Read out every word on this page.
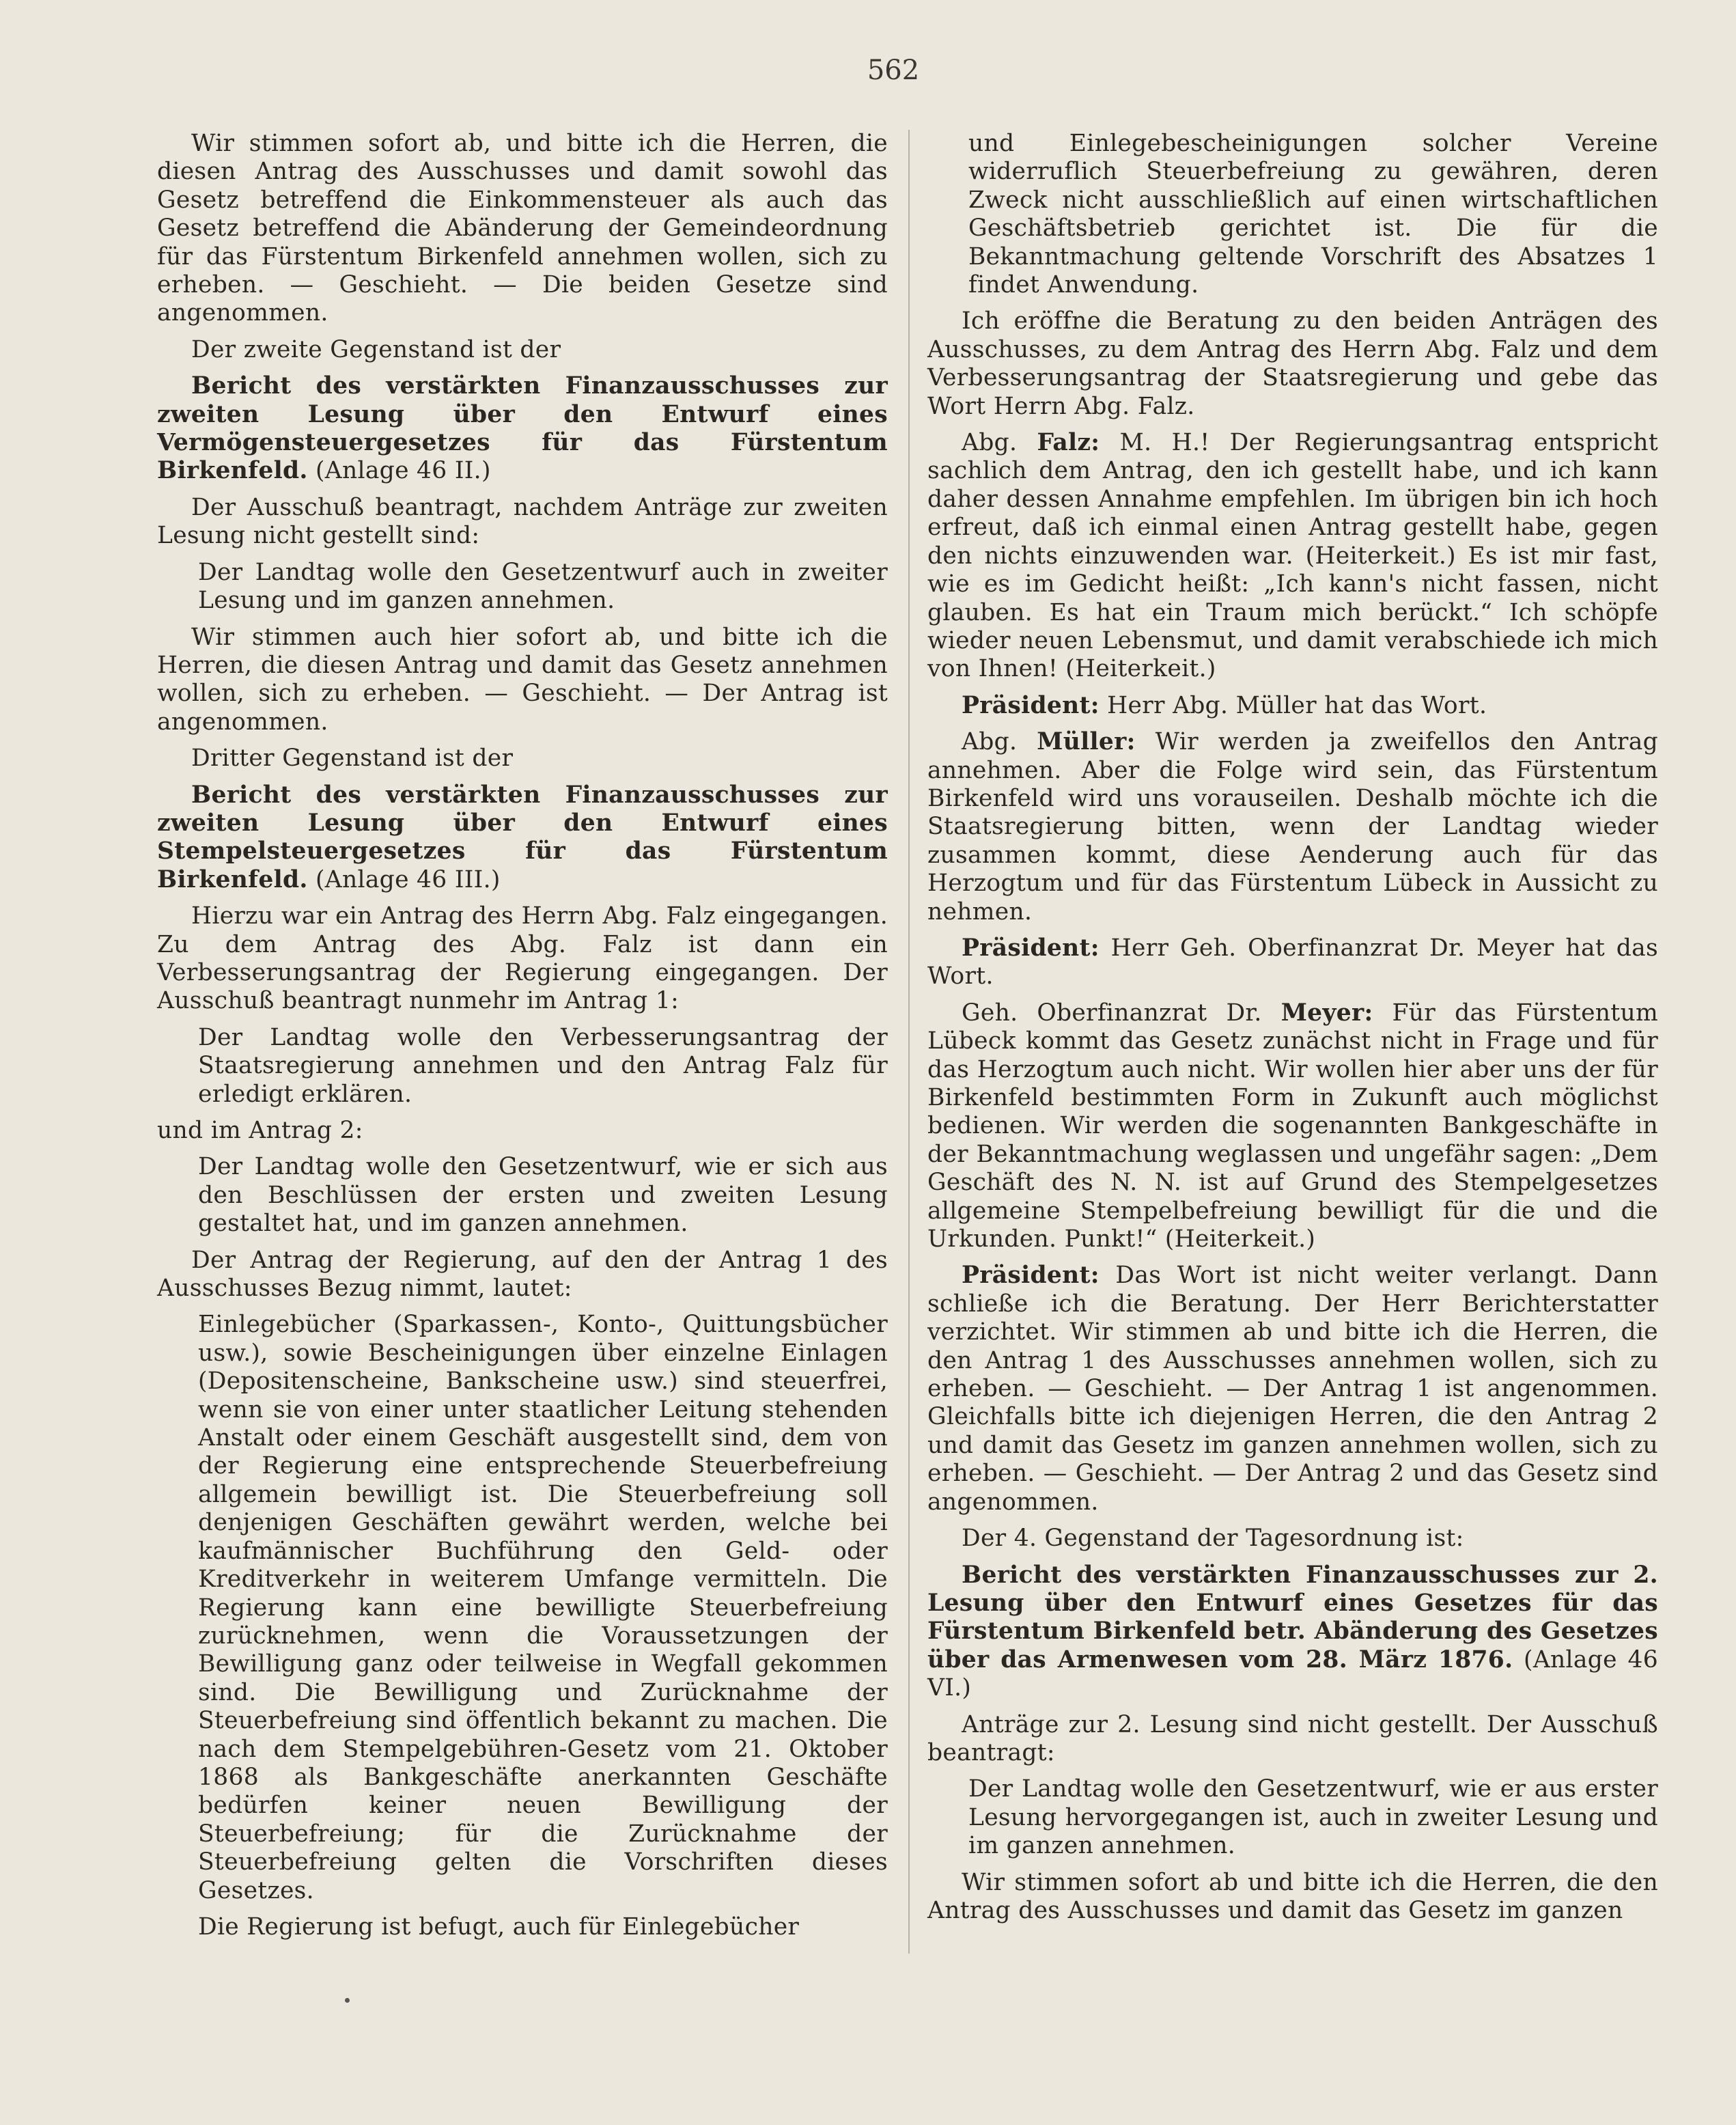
562

Wir stimmen sofort ab, und bitte ich die Herren, die diesen Antrag des Ausschusses und damit sowohl das Gesetz betreffend die Einkommensteuer als auch das Gesetz betreffend die Abänderung der Gemeindeordnung für das Fürstentum Birkenfeld annehmen wollen, sich zu erheben. — Geschieht. — Die beiden Gesetze sind angenommen.

Der zweite Gegenstand ist der

Bericht des verstärkten Finanzausschusses zur zweiten Lesung über den Entwurf eines Vermögensteuergesetzes für das Fürstentum Birkenfeld. (Anlage 46 II.)

Der Ausschuß beantragt, nachdem Anträge zur zweiten Lesung nicht gestellt sind:

Der Landtag wolle den Gesetzentwurf auch in zweiter Lesung und im ganzen annehmen.

Wir stimmen auch hier sofort ab, und bitte ich die Herren, die diesen Antrag und damit das Gesetz annehmen wollen, sich zu erheben. — Geschieht. — Der Antrag ist angenommen.

Dritter Gegenstand ist der

Bericht des verstärkten Finanzausschusses zur zweiten Lesung über den Entwurf eines Stempelsteuergesetzes für das Fürstentum Birkenfeld. (Anlage 46 III.)

Hierzu war ein Antrag des Herrn Abg. Falz eingegangen. Zu dem Antrag des Abg. Falz ist dann ein Verbesserungsantrag der Regierung eingegangen. Der Ausschuß beantragt nunmehr im Antrag 1:

Der Landtag wolle den Verbesserungsantrag der Staatsregierung annehmen und den Antrag Falz für erledigt erklären.

und im Antrag 2:

Der Landtag wolle den Gesetzentwurf, wie er sich aus den Beschlüssen der ersten und zweiten Lesung gestaltet hat, und im ganzen annehmen.

Der Antrag der Regierung, auf den der Antrag 1 des Ausschusses Bezug nimmt, lautet:

Einlegebücher (Sparkassen-, Konto-, Quittungsbücher usw.), sowie Bescheinigungen über einzelne Einlagen (Depositenscheine, Bankscheine usw.) sind steuerfrei, wenn sie von einer unter staatlicher Leitung stehenden Anstalt oder einem Geschäft ausgestellt sind, dem von der Regierung eine entsprechende Steuerbefreiung allgemein bewilligt ist. Die Steuerbefreiung soll denjenigen Geschäften gewährt werden, welche bei kaufmännischer Buchführung den Geld- oder Kreditverkehr in weiterem Umfange vermitteln. Die Regierung kann eine bewilligte Steuerbefreiung zurücknehmen, wenn die Voraussetzungen der Bewilligung ganz oder teilweise in Wegfall gekommen sind. Die Bewilligung und Zurücknahme der Steuerbefreiung sind öffentlich bekannt zu machen. Die nach dem Stempelgebühren-Gesetz vom 21. Oktober 1868 als Bankgeschäfte anerkannten Geschäfte bedürfen keiner neuen Bewilligung der Steuerbefreiung; für die Zurücknahme der Steuerbefreiung gelten die Vorschriften dieses Gesetzes.

Die Regierung ist befugt, auch für Einlegebücher

und Einlegebescheinigungen solcher Vereine widerruflich Steuerbefreiung zu gewähren, deren Zweck nicht ausschließlich auf einen wirtschaftlichen Geschäftsbetrieb gerichtet ist. Die für die Bekanntmachung geltende Vorschrift des Absatzes 1 findet Anwendung.

Ich eröffne die Beratung zu den beiden Anträgen des Ausschusses, zu dem Antrag des Herrn Abg. Falz und dem Verbesserungsantrag der Staatsregierung und gebe das Wort Herrn Abg. Falz.

Abg. Falz: M. H.! Der Regierungsantrag entspricht sachlich dem Antrag, den ich gestellt habe, und ich kann daher dessen Annahme empfehlen. Im übrigen bin ich hoch erfreut, daß ich einmal einen Antrag gestellt habe, gegen den nichts einzuwenden war. (Heiterkeit.) Es ist mir fast, wie es im Gedicht heißt: „Ich kann's nicht fassen, nicht glauben. Es hat ein Traum mich berückt.“ Ich schöpfe wieder neuen Lebensmut, und damit verabschiede ich mich von Ihnen! (Heiterkeit.)

Präsident: Herr Abg. Müller hat das Wort.

Abg. Müller: Wir werden ja zweifellos den Antrag annehmen. Aber die Folge wird sein, das Fürstentum Birkenfeld wird uns vorauseilen. Deshalb möchte ich die Staatsregierung bitten, wenn der Landtag wieder zusammen kommt, diese Aenderung auch für das Herzogtum und für das Fürstentum Lübeck in Aussicht zu nehmen.

Präsident: Herr Geh. Oberfinanzrat Dr. Meyer hat das Wort.

Geh. Oberfinanzrat Dr. Meyer: Für das Fürstentum Lübeck kommt das Gesetz zunächst nicht in Frage und für das Herzogtum auch nicht. Wir wollen hier aber uns der für Birkenfeld bestimmten Form in Zukunft auch möglichst bedienen. Wir werden die sogenannten Bankgeschäfte in der Bekanntmachung weglassen und ungefähr sagen: „Dem Geschäft des N. N. ist auf Grund des Stempelgesetzes allgemeine Stempelbefreiung bewilligt für die und die Urkunden. Punkt!“ (Heiterkeit.)

Präsident: Das Wort ist nicht weiter verlangt. Dann schließe ich die Beratung. Der Herr Berichterstatter verzichtet. Wir stimmen ab und bitte ich die Herren, die den Antrag 1 des Ausschusses annehmen wollen, sich zu erheben. — Geschieht. — Der Antrag 1 ist angenommen. Gleichfalls bitte ich diejenigen Herren, die den Antrag 2 und damit das Gesetz im ganzen annehmen wollen, sich zu erheben. — Geschieht. — Der Antrag 2 und das Gesetz sind angenommen.

Der 4. Gegenstand der Tagesordnung ist:

Bericht des verstärkten Finanzausschusses zur 2. Lesung über den Entwurf eines Gesetzes für das Fürstentum Birkenfeld betr. Abänderung des Gesetzes über das Armenwesen vom 28. März 1876. (Anlage 46 VI.)

Anträge zur 2. Lesung sind nicht gestellt. Der Ausschuß beantragt:

Der Landtag wolle den Gesetzentwurf, wie er aus erster Lesung hervorgegangen ist, auch in zweiter Lesung und im ganzen annehmen.

Wir stimmen sofort ab und bitte ich die Herren, die den Antrag des Ausschusses und damit das Gesetz im ganzen
